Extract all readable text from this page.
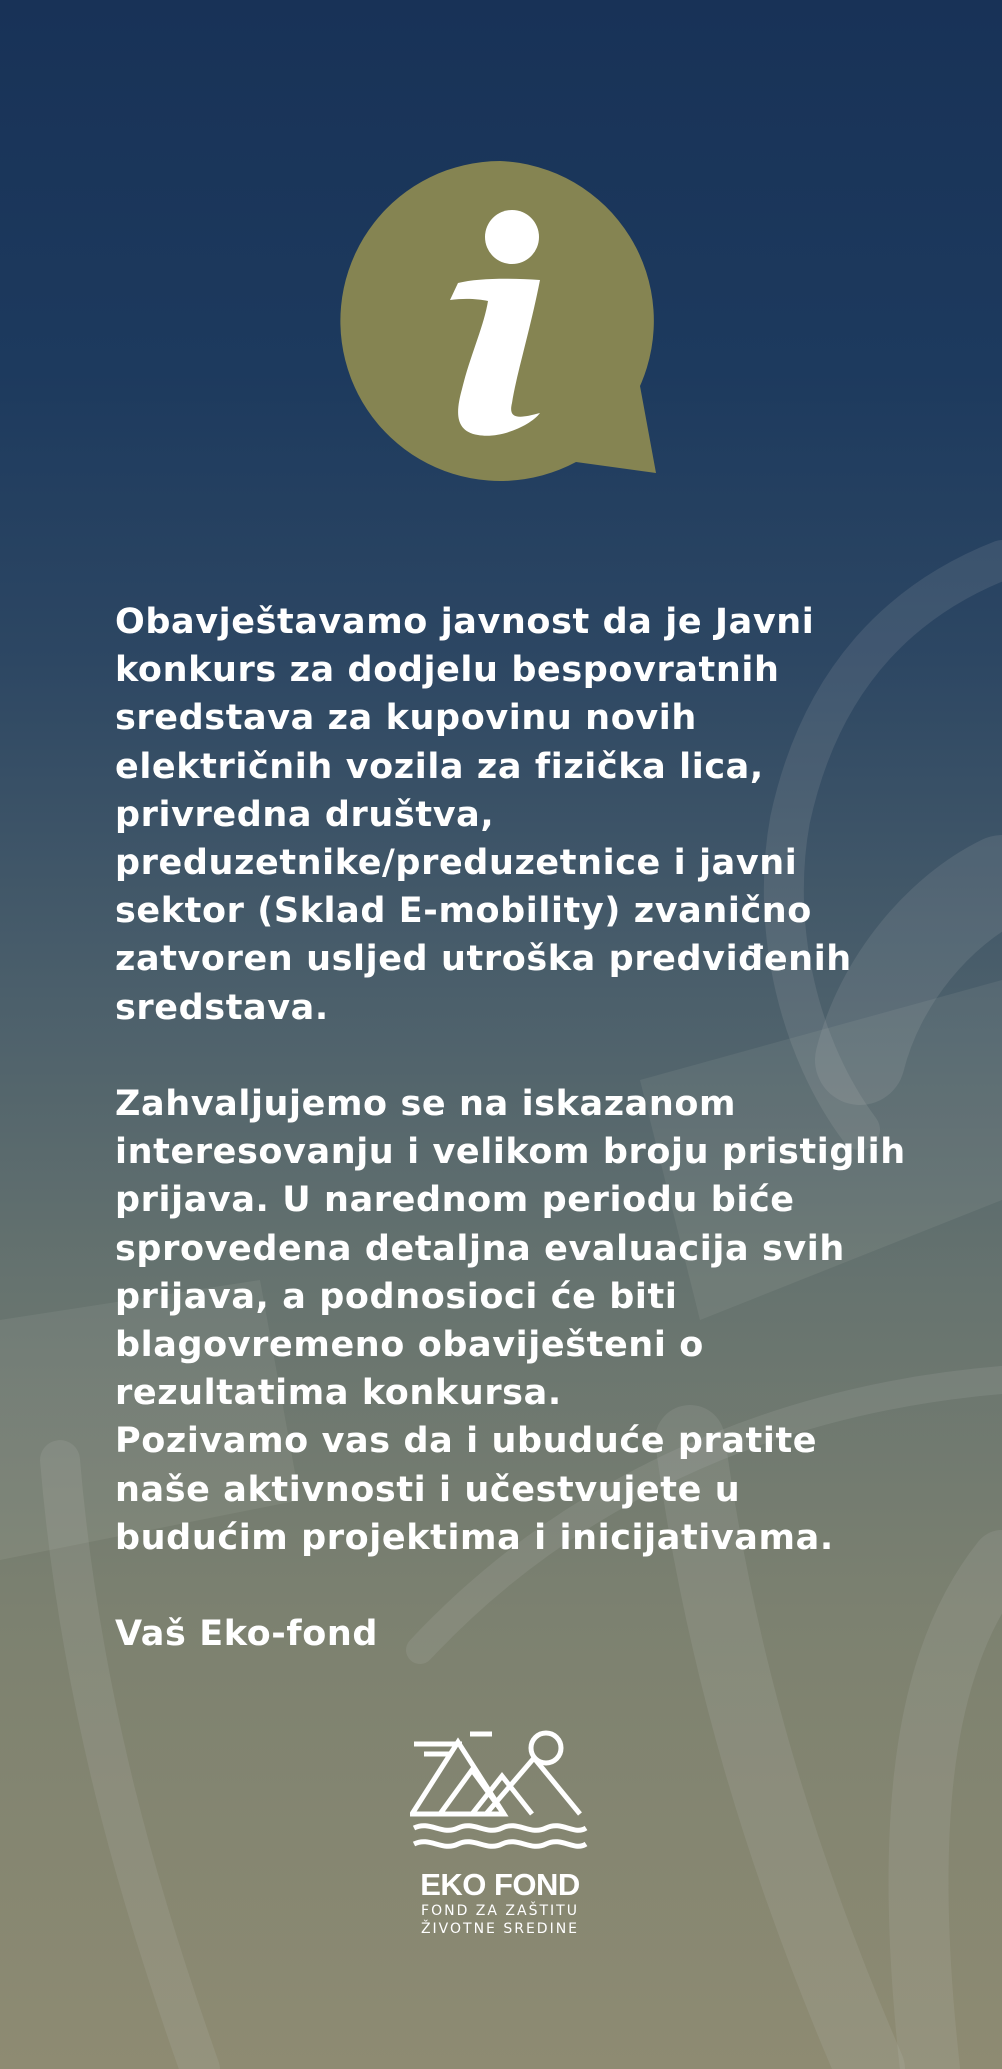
Obavještavamo javnost da je Javni konkurs za dodjelu bespovratnih sredstava za kupovinu novih električnih vozila za fizička lica, privredna društva, preduzetnike/preduzetnice i javni sektor (Sklad E-mobility) zvanično zatvoren usljed utroška predviđenih sredstava.

Zahvaljujemo se na iskazanom interesovanju i velikom broju pristiglih prijava. U narednom periodu biće sprovedena detaljna evaluacija svih prijava, a podnosioci će biti blagovremeno obaviješteni o rezultatima konkursa.

Pozivamo vas da i ubuduće pratite naše aktivnosti i učestvujete u budućim projektima i inicijativama.

Vaš Eko-fond

EKO FOND
FOND ZA ZAŠTITU
ŽIVOTNE SREDINE
